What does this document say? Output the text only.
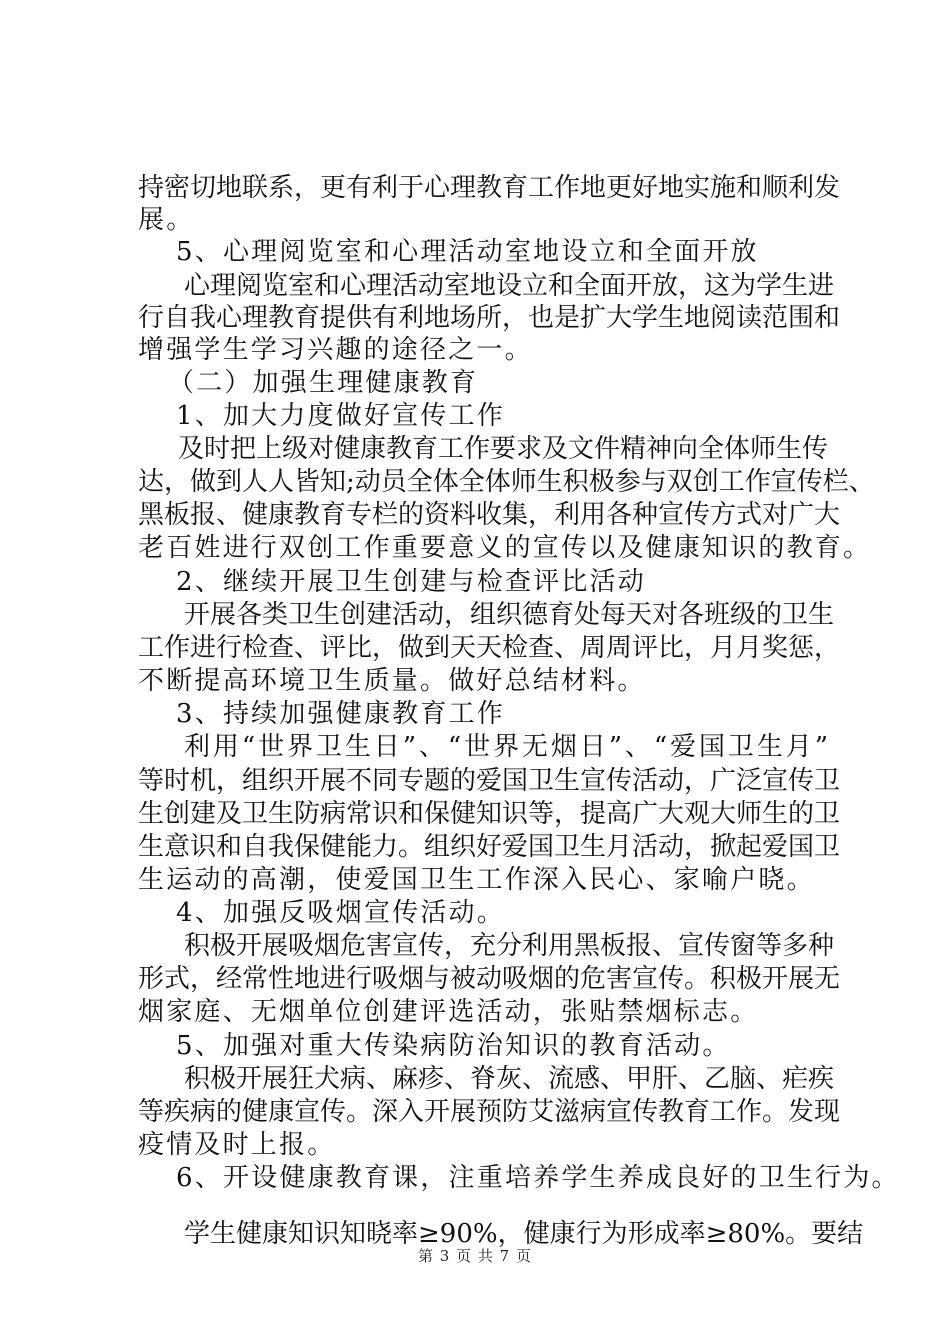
持密切地联系，更有利于心理教育工作地更好地实施和顺利发
展。
5、心理阅览室和心理活动室地设立和全面开放
心理阅览室和心理活动室地设立和全面开放，这为学生进
行自我心理教育提供有利地场所，也是扩大学生地阅读范围和
增强学生学习兴趣的途径之一。
（二）加强生理健康教育
1、加大力度做好宣传工作
及时把上级对健康教育工作要求及文件精神向全体师生传
达，做到人人皆知;动员全体全体师生积极参与双创工作宣传栏、
黑板报、健康教育专栏的资料收集，利用各种宣传方式对广大
老百姓进行双创工作重要意义的宣传以及健康知识的教育。
2、继续开展卫生创建与检查评比活动
开展各类卫生创建活动，组织德育处每天对各班级的卫生
工作进行检查、评比，做到天天检查、周周评比，月月奖惩，
不断提高环境卫生质量。做好总结材料。
3、持续加强健康教育工作
利用“世界卫生日”、“世界无烟日”、“爱国卫生月”
等时机，组织开展不同专题的爱国卫生宣传活动，广泛宣传卫
生创建及卫生防病常识和保健知识等，提高广大观大师生的卫
生意识和自我保健能力。组织好爱国卫生月活动，掀起爱国卫
生运动的高潮，使爱国卫生工作深入民心、家喻户晓。
4、加强反吸烟宣传活动。
积极开展吸烟危害宣传，充分利用黑板报、宣传窗等多种
形式，经常性地进行吸烟与被动吸烟的危害宣传。积极开展无
烟家庭、无烟单位创建评选活动，张贴禁烟标志。
5、加强对重大传染病防治知识的教育活动。
积极开展狂犬病、麻疹、脊灰、流感、甲肝、乙脑、疟疾
等疾病的健康宣传。深入开展预防艾滋病宣传教育工作。发现
疫情及时上报。
6、开设健康教育课，注重培养学生养成良好的卫生行为。
学生健康知识知晓率≥90%，健康行为形成率≥80%。要结
第 3 页 共 7 页
